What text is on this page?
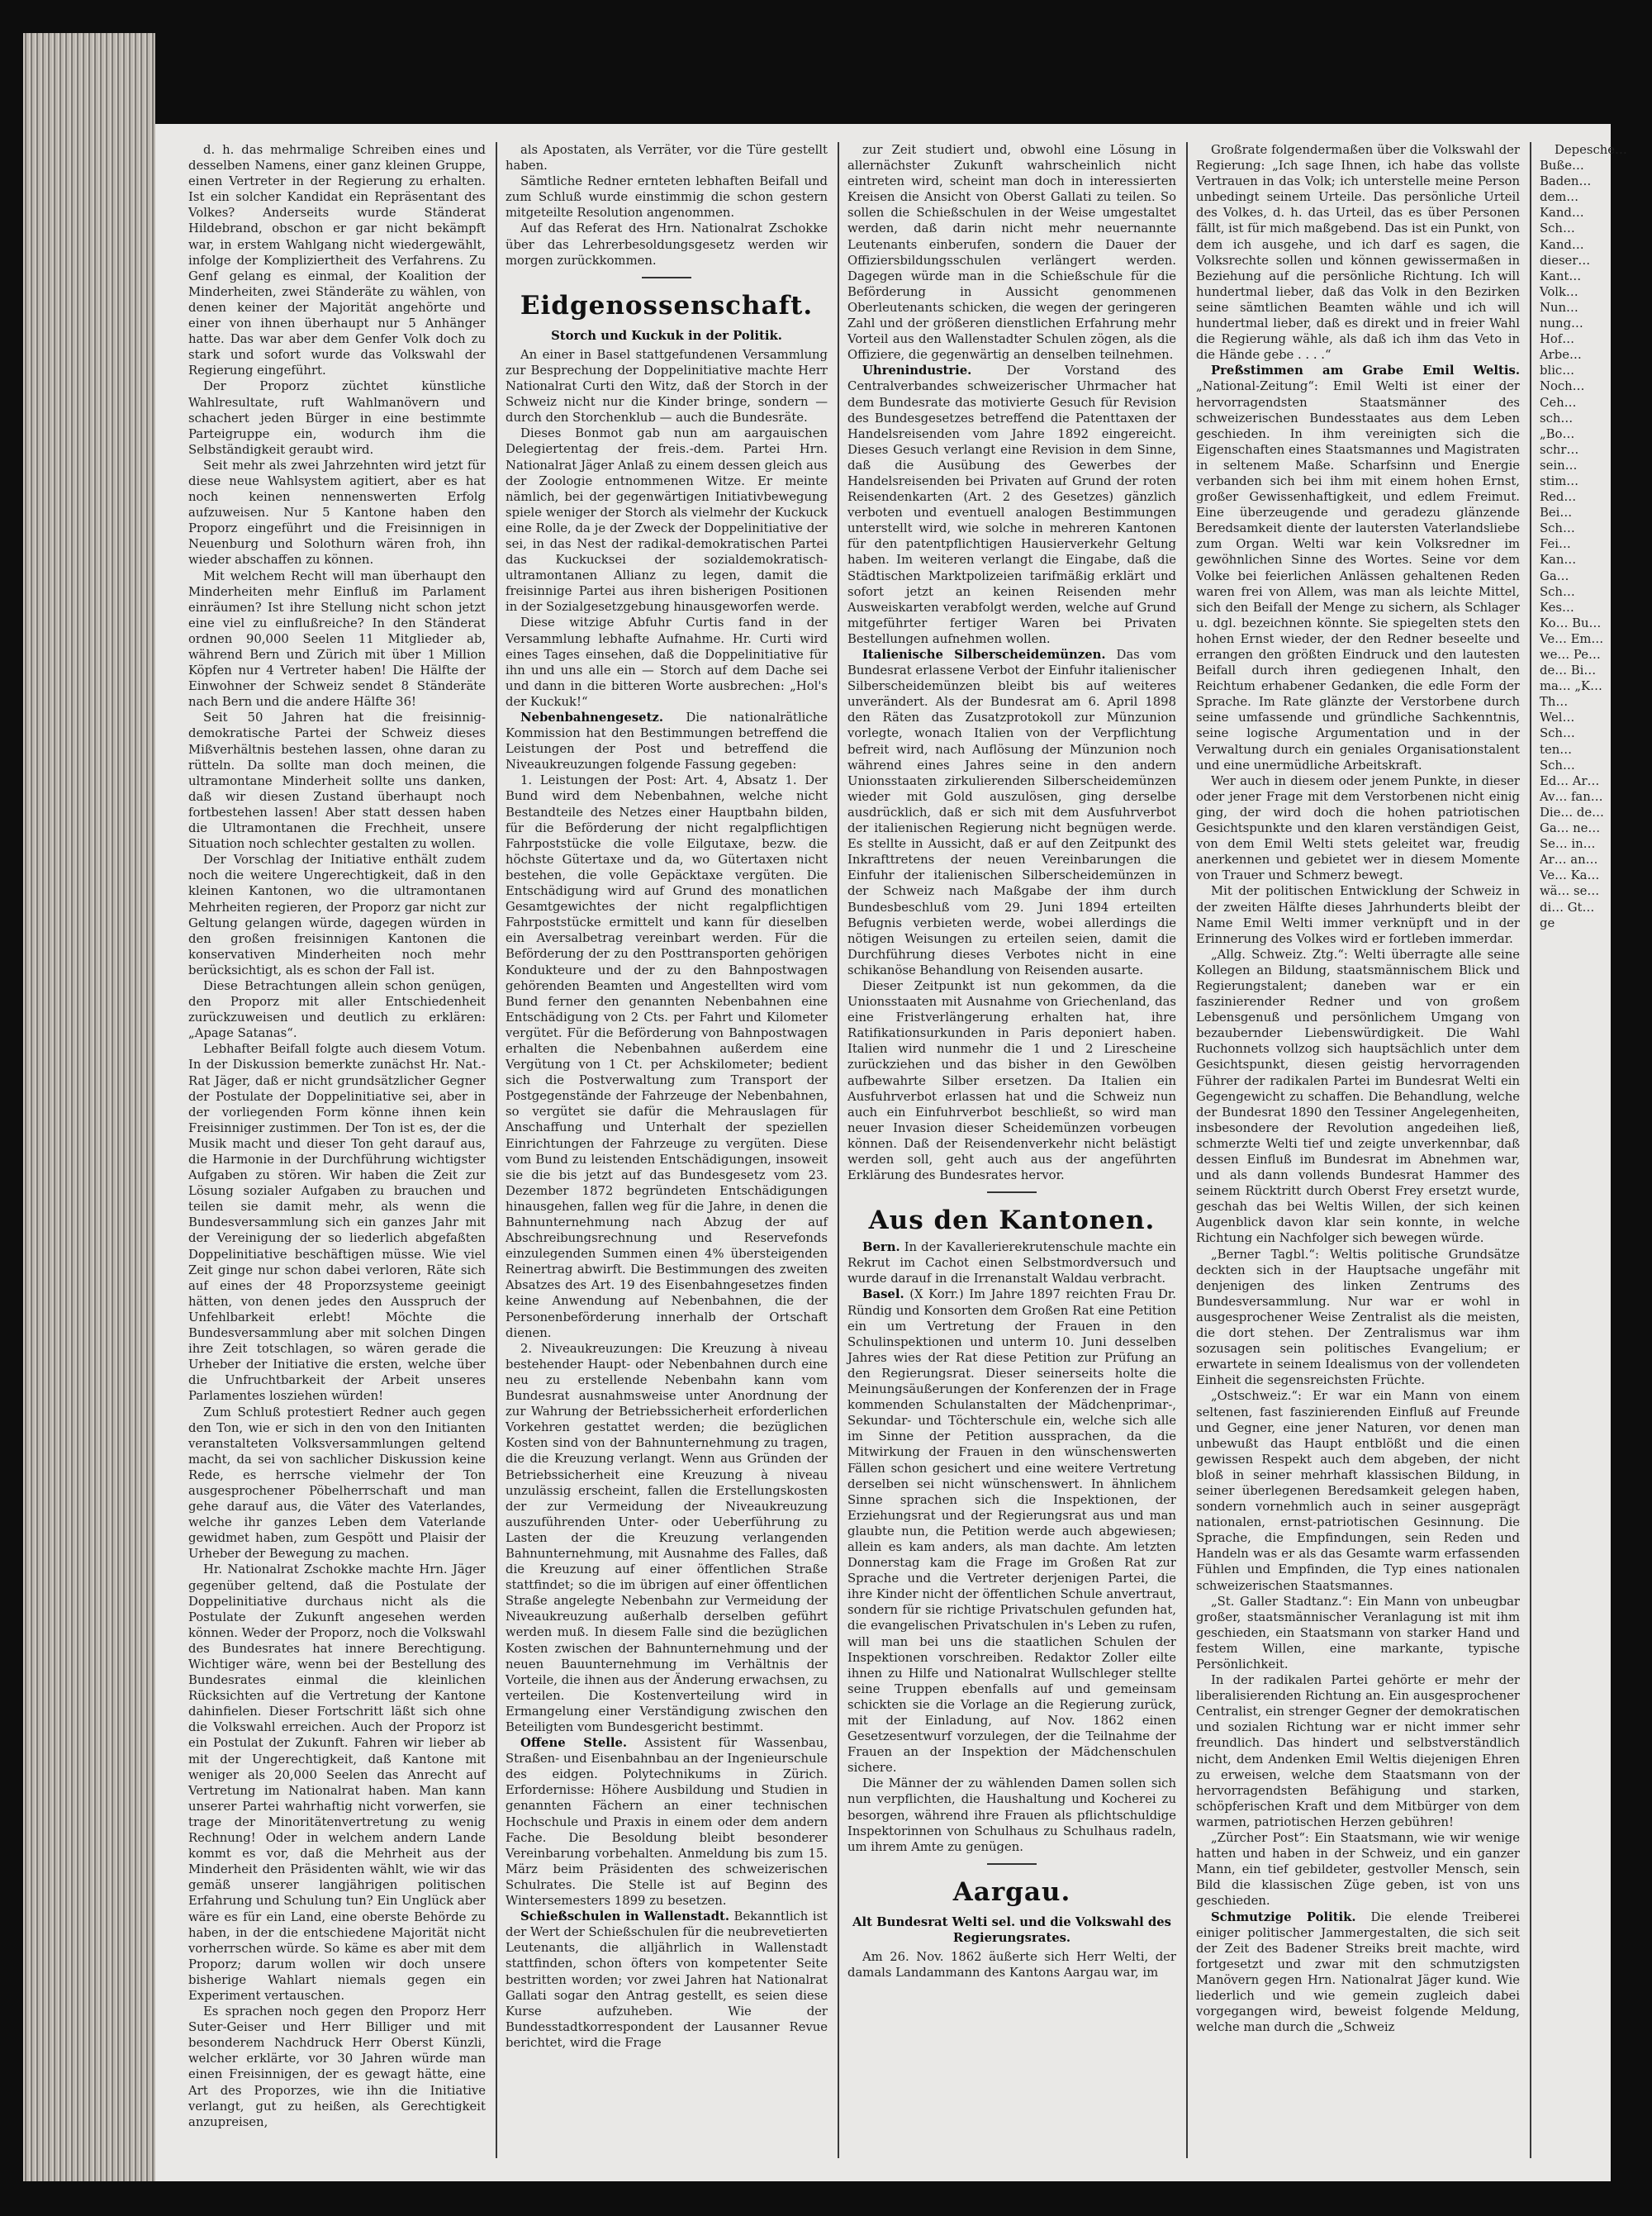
d. h. das mehrmalige Schreiben eines und desselben Namens, einer ganz kleinen Gruppe, einen Vertreter in der Regierung zu erhalten. Ist ein solcher Kandidat ein Repräsentant des Volkes? Anderseits wurde Ständerat Hildebrand, obschon er gar nicht bekämpft war, in erstem Wahlgang nicht wiedergewählt, infolge der Kompliziertheit des Verfahrens. Zu Genf gelang es einmal, der Koalition der Minderheiten, zwei Ständeräte zu wählen, von denen keiner der Majorität angehörte und einer von ihnen überhaupt nur 5 Anhänger hatte. Das war aber dem Genfer Volk doch zu stark und sofort wurde das Volkswahl der Regierung eingeführt.

Der Proporz züchtet künstliche Wahlresultate, ruft Wahlmanövern und schachert jeden Bürger in eine bestimmte Parteigruppe ein, wodurch ihm die Selbständigkeit geraubt wird.

Seit mehr als zwei Jahrzehnten wird jetzt für diese neue Wahlsystem agitiert, aber es hat noch keinen nennenswerten Erfolg aufzuweisen. Nur 5 Kantone haben den Proporz eingeführt und die Freisinnigen in Neuenburg und Solothurn wären froh, ihn wieder abschaffen zu können.

Mit welchem Recht will man überhaupt den Minderheiten mehr Einfluß im Parlament einräumen? Ist ihre Stellung nicht schon jetzt eine viel zu einflußreiche? In den Ständerat ordnen 90,000 Seelen 11 Mitglieder ab, während Bern und Zürich mit über 1 Million Köpfen nur 4 Vertreter haben! Die Hälfte der Einwohner der Schweiz sendet 8 Ständeräte nach Bern und die andere Hälfte 36!

Seit 50 Jahren hat die freisinnig-demokratische Partei der Schweiz dieses Mißverhältnis bestehen lassen, ohne daran zu rütteln. Da sollte man doch meinen, die ultramontane Minderheit sollte uns danken, daß wir diesen Zustand überhaupt noch fortbestehen lassen! Aber statt dessen haben die Ultramontanen die Frechheit, unsere Situation noch schlechter gestalten zu wollen.

Der Vorschlag der Initiative enthält zudem noch die weitere Ungerechtigkeit, daß in den kleinen Kantonen, wo die ultramontanen Mehrheiten regieren, der Proporz gar nicht zur Geltung gelangen würde, dagegen würden in den großen freisinnigen Kantonen die konservativen Minderheiten noch mehr berücksichtigt, als es schon der Fall ist.

Diese Betrachtungen allein schon genügen, den Proporz mit aller Entschiedenheit zurückzuweisen und deutlich zu erklären: „Apage Satanas“.

Lebhafter Beifall folgte auch diesem Votum. In der Diskussion bemerkte zunächst Hr. Nat.-Rat Jäger, daß er nicht grundsätzlicher Gegner der Postulate der Doppelinitiative sei, aber in der vorliegenden Form könne ihnen kein Freisinniger zustimmen. Der Ton ist es, der die Musik macht und dieser Ton geht darauf aus, die Harmonie in der Durchführung wichtigster Aufgaben zu stören. Wir haben die Zeit zur Lösung sozialer Aufgaben zu brauchen und teilen sie damit mehr, als wenn die Bundesversammlung sich ein ganzes Jahr mit der Vereinigung der so liederlich abgefaßten Doppelinitiative beschäftigen müsse. Wie viel Zeit ginge nur schon dabei verloren, Räte sich auf eines der 48 Proporzsysteme geeinigt hätten, von denen jedes den Ausspruch der Unfehlbarkeit erlebt! Möchte die Bundesversammlung aber mit solchen Dingen ihre Zeit totschlagen, so wären gerade die Urheber der Initiative die ersten, welche über die Unfruchtbarkeit der Arbeit unseres Parlamentes losziehen würden!

Zum Schluß protestiert Redner auch gegen den Ton, wie er sich in den von den Initianten veranstalteten Volksversammlungen geltend macht, da sei von sachlicher Diskussion keine Rede, es herrsche vielmehr der Ton ausgesprochener Pöbelherrschaft und man gehe darauf aus, die Väter des Vaterlandes, welche ihr ganzes Leben dem Vaterlande gewidmet haben, zum Gespött und Plaisir der Urheber der Bewegung zu machen.

Hr. Nationalrat Zschokke machte Hrn. Jäger gegenüber geltend, daß die Postulate der Doppelinitiative durchaus nicht als die Postulate der Zukunft angesehen werden können. Weder der Proporz, noch die Volkswahl des Bundesrates hat innere Berechtigung. Wichtiger wäre, wenn bei der Bestellung des Bundesrates einmal die kleinlichen Rücksichten auf die Vertretung der Kantone dahinfielen. Dieser Fortschritt läßt sich ohne die Volkswahl erreichen. Auch der Proporz ist ein Postulat der Zukunft. Fahren wir lieber ab mit der Ungerechtigkeit, daß Kantone mit weniger als 20,000 Seelen das Anrecht auf Vertretung im Nationalrat haben. Man kann unserer Partei wahrhaftig nicht vorwerfen, sie trage der Minoritätenvertretung zu wenig Rechnung! Oder in welchem andern Lande kommt es vor, daß die Mehrheit aus der Minderheit den Präsidenten wählt, wie wir das gemäß unserer langjährigen politischen Erfahrung und Schulung tun? Ein Unglück aber wäre es für ein Land, eine oberste Behörde zu haben, in der die entschiedene Majorität nicht vorherrschen würde. So käme es aber mit dem Proporz; darum wollen wir doch unsere bisherige Wahlart niemals gegen ein Experiment vertauschen.

Es sprachen noch gegen den Proporz Herr Suter-Geiser und Herr Billiger und mit besonderem Nachdruck Herr Oberst Künzli, welcher erklärte, vor 30 Jahren würde man einen Freisinnigen, der es gewagt hätte, eine Art des Proporzes, wie ihn die Initiative verlangt, gut zu heißen, als Gerechtigkeit anzupreisen,

als Apostaten, als Verräter, vor die Türe gestellt haben.

Sämtliche Redner ernteten lebhaften Beifall und zum Schluß wurde einstimmig die schon gestern mitgeteilte Resolution angenommen.

Auf das Referat des Hrn. Nationalrat Zschokke über das Lehrerbesoldungsgesetz werden wir morgen zurückkommen.

Eidgenossenschaft.
Storch und Kuckuk in der Politik.

An einer in Basel stattgefundenen Versammlung zur Besprechung der Doppelinitiative machte Herr Nationalrat Curti den Witz, daß der Storch in der Schweiz nicht nur die Kinder bringe, sondern — durch den Storchenklub — auch die Bundesräte.

Dieses Bonmot gab nun am aargauischen Delegiertentag der freis.-dem. Partei Hrn. Nationalrat Jäger Anlaß zu einem dessen gleich aus der Zoologie entnommenen Witze. Er meinte nämlich, bei der gegenwärtigen Initiativbewegung spiele weniger der Storch als vielmehr der Kuckuck eine Rolle, da je der Zweck der Doppelinitiative der sei, in das Nest der radikal-demokratischen Partei das Kuckucksei der sozialdemokratisch-ultramontanen Allianz zu legen, damit die freisinnige Partei aus ihren bisherigen Positionen in der Sozialgesetzgebung hinausgeworfen werde.

Diese witzige Abfuhr Curtis fand in der Versammlung lebhafte Aufnahme. Hr. Curti wird eines Tages einsehen, daß die Doppelinitiative für ihn und uns alle ein — Storch auf dem Dache sei und dann in die bitteren Worte ausbrechen: „Hol's der Kuckuk!“

Nebenbahnengesetz. Die nationalrätliche Kommission hat den Bestimmungen betreffend die Leistungen der Post und betreffend die Niveaukreuzungen folgende Fassung gegeben:

1. Leistungen der Post: Art. 4, Absatz 1. Der Bund wird dem Nebenbahnen, welche nicht Bestandteile des Netzes einer Hauptbahn bilden, für die Beförderung der nicht regalpflichtigen Fahrpoststücke die volle Eilgutaxe, bezw. die höchste Gütertaxe und da, wo Gütertaxen nicht bestehen, die volle Gepäcktaxe vergüten. Die Entschädigung wird auf Grund des monatlichen Gesamtgewichtes der nicht regalpflichtigen Fahrpoststücke ermittelt und kann für dieselben ein Aversalbetrag vereinbart werden. Für die Beförderung der zu den Posttransporten gehörigen Kondukteure und der zu den Bahnpostwagen gehörenden Beamten und Angestellten wird vom Bund ferner den genannten Nebenbahnen eine Entschädigung von 2 Cts. per Fahrt und Kilometer vergütet. Für die Beförderung von Bahnpostwagen erhalten die Nebenbahnen außerdem eine Vergütung von 1 Ct. per Achskilometer; bedient sich die Postverwaltung zum Transport der Postgegenstände der Fahrzeuge der Nebenbahnen, so vergütet sie dafür die Mehrauslagen für Anschaffung und Unterhalt der speziellen Einrichtungen der Fahrzeuge zu vergüten. Diese vom Bund zu leistenden Entschädigungen, insoweit sie die bis jetzt auf das Bundesgesetz vom 23. Dezember 1872 begründeten Entschädigungen hinausgehen, fallen weg für die Jahre, in denen die Bahnunternehmung nach Abzug der auf Abschreibungsrechnung und Reservefonds einzulegenden Summen einen 4% übersteigenden Reinertrag abwirft. Die Bestimmungen des zweiten Absatzes des Art. 19 des Eisenbahngesetzes finden keine Anwendung auf Nebenbahnen, die der Personenbeförderung innerhalb der Ortschaft dienen.

2. Niveaukreuzungen: Die Kreuzung à niveau bestehender Haupt- oder Nebenbahnen durch eine neu zu erstellende Nebenbahn kann vom Bundesrat ausnahmsweise unter Anordnung der zur Wahrung der Betriebssicherheit erforderlichen Vorkehren gestattet werden; die bezüglichen Kosten sind von der Bahnunternehmung zu tragen, die die Kreuzung verlangt. Wenn aus Gründen der Betriebssicherheit eine Kreuzung à niveau unzulässig erscheint, fallen die Erstellungskosten der zur Vermeidung der Niveaukreuzung auszuführenden Unter- oder Ueberführung zu Lasten der die Kreuzung verlangenden Bahnunternehmung, mit Ausnahme des Falles, daß die Kreuzung auf einer öffentlichen Straße stattfindet; so die im übrigen auf einer öffentlichen Straße angelegte Nebenbahn zur Vermeidung der Niveaukreuzung außerhalb derselben geführt werden muß. In diesem Falle sind die bezüglichen Kosten zwischen der Bahnunternehmung und der neuen Bauunternehmung im Verhältnis der Vorteile, die ihnen aus der Änderung erwachsen, zu verteilen. Die Kostenverteilung wird in Ermangelung einer Verständigung zwischen den Beteiligten vom Bundesgericht bestimmt.

Offene Stelle. Assistent für Wassenbau, Straßen- und Eisenbahnbau an der Ingenieurschule des eidgen. Polytechnikums in Zürich. Erfordernisse: Höhere Ausbildung und Studien in genannten Fächern an einer technischen Hochschule und Praxis in einem oder dem andern Fache. Die Besoldung bleibt besonderer Vereinbarung vorbehalten. Anmeldung bis zum 15. März beim Präsidenten des schweizerischen Schulrates. Die Stelle ist auf Beginn des Wintersemesters 1899 zu besetzen.

Schießschulen in Wallenstadt. Bekanntlich ist der Wert der Schießschulen für die neubrevetierten Leutenants, die alljährlich in Wallenstadt stattfinden, schon öfters von kompetenter Seite bestritten worden; vor zwei Jahren hat Nationalrat Gallati sogar den Antrag gestellt, es seien diese Kurse aufzuheben. Wie der Bundesstadtkorrespondent der Lausanner Revue berichtet, wird die Frage

zur Zeit studiert und, obwohl eine Lösung in allernächster Zukunft wahrscheinlich nicht eintreten wird, scheint man doch in interessierten Kreisen die Ansicht von Oberst Gallati zu teilen. So sollen die Schießschulen in der Weise umgestaltet werden, daß darin nicht mehr neuernannte Leutenants einberufen, sondern die Dauer der Offiziersbildungsschulen verlängert werden. Dagegen würde man in die Schießschule für die Beförderung in Aussicht genommenen Oberleutenants schicken, die wegen der geringeren Zahl und der größeren dienstlichen Erfahrung mehr Vorteil aus den Wallenstadter Schulen zögen, als die Offiziere, die gegenwärtig an denselben teilnehmen.

Uhrenindustrie. Der Vorstand des Centralverbandes schweizerischer Uhrmacher hat dem Bundesrate das motivierte Gesuch für Revision des Bundesgesetzes betreffend die Patenttaxen der Handelsreisenden vom Jahre 1892 eingereicht. Dieses Gesuch verlangt eine Revision in dem Sinne, daß die Ausübung des Gewerbes der Handelsreisenden bei Privaten auf Grund der roten Reisendenkarten (Art. 2 des Gesetzes) gänzlich verboten und eventuell analogen Bestimmungen unterstellt wird, wie solche in mehreren Kantonen für den patentpflichtigen Hausierverkehr Geltung haben. Im weiteren verlangt die Eingabe, daß die Städtischen Marktpolizeien tarifmäßig erklärt und sofort jetzt an keinen Reisenden mehr Ausweiskarten verabfolgt werden, welche auf Grund mitgeführter fertiger Waren bei Privaten Bestellungen aufnehmen wollen.

Italienische Silberscheidemünzen. Das vom Bundesrat erlassene Verbot der Einfuhr italienischer Silberscheidemünzen bleibt bis auf weiteres unverändert. Als der Bundesrat am 6. April 1898 den Räten das Zusatzprotokoll zur Münzunion vorlegte, wonach Italien von der Verpflichtung befreit wird, nach Auflösung der Münzunion noch während eines Jahres seine in den andern Unionsstaaten zirkulierenden Silberscheidemünzen wieder mit Gold auszulösen, ging derselbe ausdrücklich, daß er sich mit dem Ausfuhrverbot der italienischen Regierung nicht begnügen werde. Es stellte in Aussicht, daß er auf den Zeitpunkt des Inkrafttretens der neuen Vereinbarungen die Einfuhr der italienischen Silberscheidemünzen in der Schweiz nach Maßgabe der ihm durch Bundesbeschluß vom 29. Juni 1894 erteilten Befugnis verbieten werde, wobei allerdings die nötigen Weisungen zu erteilen seien, damit die Durchführung dieses Verbotes nicht in eine schikanöse Behandlung von Reisenden ausarte.

Dieser Zeitpunkt ist nun gekommen, da die Unionsstaaten mit Ausnahme von Griechenland, das eine Fristverlängerung erhalten hat, ihre Ratifikationsurkunden in Paris deponiert haben. Italien wird nunmehr die 1 und 2 Lirescheine zurückziehen und das bisher in den Gewölben aufbewahrte Silber ersetzen. Da Italien ein Ausfuhrverbot erlassen hat und die Schweiz nun auch ein Einfuhrverbot beschließt, so wird man neuer Invasion dieser Scheidemünzen vorbeugen können. Daß der Reisendenverkehr nicht belästigt werden soll, geht auch aus der angeführten Erklärung des Bundesrates hervor.

Aus den Kantonen.

Bern. In der Kavallerierekrutenschule machte ein Rekrut im Cachot einen Selbstmordversuch und wurde darauf in die Irrenanstalt Waldau verbracht.

Basel. (X Korr.) Im Jahre 1897 reichten Frau Dr. Ründig und Konsorten dem Großen Rat eine Petition ein um Vertretung der Frauen in den Schulinspektionen und unterm 10. Juni desselben Jahres wies der Rat diese Petition zur Prüfung an den Regierungsrat. Dieser seinerseits holte die Meinungsäußerungen der Konferenzen der in Frage kommenden Schulanstalten der Mädchenprimar-, Sekundar- und Töchterschule ein, welche sich alle im Sinne der Petition aussprachen, da die Mitwirkung der Frauen in den wünschenswerten Fällen schon gesichert und eine weitere Vertretung derselben sei nicht wünschenswert. In ähnlichem Sinne sprachen sich die Inspektionen, der Erziehungsrat und der Regierungsrat aus und man glaubte nun, die Petition werde auch abgewiesen; allein es kam anders, als man dachte. Am letzten Donnerstag kam die Frage im Großen Rat zur Sprache und die Vertreter derjenigen Partei, die ihre Kinder nicht der öffentlichen Schule anvertraut, sondern für sie richtige Privatschulen gefunden hat, die evangelischen Privatschulen in's Leben zu rufen, will man bei uns die staatlichen Schulen der Inspektionen vorschreiben. Redaktor Zoller eilte ihnen zu Hilfe und Nationalrat Wullschleger stellte seine Truppen ebenfalls auf und gemeinsam schickten sie die Vorlage an die Regierung zurück, mit der Einladung, auf Nov. 1862 einen Gesetzesentwurf vorzulegen, der die Teilnahme der Frauen an der Inspektion der Mädchenschulen sichere.

Die Männer der zu wählenden Damen sollen sich nun verpflichten, die Haushaltung und Kocherei zu besorgen, während ihre Frauen als pflichtschuldige Inspektorinnen von Schulhaus zu Schulhaus radeln, um ihrem Amte zu genügen.

Aargau.
Alt Bundesrat Welti sel. und die Volkswahl des Regierungsrates.

Am 26. Nov. 1862 äußerte sich Herr Welti, der damals Landammann des Kantons Aargau war, im

Großrate folgendermaßen über die Volkswahl der Regierung: „Ich sage Ihnen, ich habe das vollste Vertrauen in das Volk; ich unterstelle meine Person unbedingt seinem Urteile. Das persönliche Urteil des Volkes, d. h. das Urteil, das es über Personen fällt, ist für mich maßgebend. Das ist ein Punkt, von dem ich ausgehe, und ich darf es sagen, die Volksrechte sollen und können gewissermaßen in Beziehung auf die persönliche Richtung. Ich will hundertmal lieber, daß das Volk in den Bezirken seine sämtlichen Beamten wähle und ich will hundertmal lieber, daß es direkt und in freier Wahl die Regierung wähle, als daß ich ihm das Veto in die Hände gebe . . . .“

Preßstimmen am Grabe Emil Weltis. „National-Zeitung“: Emil Welti ist einer der hervorragendsten Staatsmänner des schweizerischen Bundesstaates aus dem Leben geschieden. In ihm vereinigten sich die Eigenschaften eines Staatsmannes und Magistraten in seltenem Maße. Scharfsinn und Energie verbanden sich bei ihm mit einem hohen Ernst, großer Gewissenhaftigkeit, und edlem Freimut. Eine überzeugende und geradezu glänzende Beredsamkeit diente der lautersten Vaterlandsliebe zum Organ. Welti war kein Volksredner im gewöhnlichen Sinne des Wortes. Seine vor dem Volke bei feierlichen Anlässen gehaltenen Reden waren frei von Allem, was man als leichte Mittel, sich den Beifall der Menge zu sichern, als Schlager u. dgl. bezeichnen könnte. Sie spiegelten stets den hohen Ernst wieder, der den Redner beseelte und errangen den größten Eindruck und den lautesten Beifall durch ihren gediegenen Inhalt, den Reichtum erhabener Gedanken, die edle Form der Sprache. Im Rate glänzte der Verstorbene durch seine umfassende und gründliche Sachkenntnis, seine logische Argumentation und in der Verwaltung durch ein geniales Organisationstalent und eine unermüdliche Arbeitskraft.

Wer auch in diesem oder jenem Punkte, in dieser oder jener Frage mit dem Verstorbenen nicht einig ging, der wird doch die hohen patriotischen Gesichtspunkte und den klaren verständigen Geist, von dem Emil Welti stets geleitet war, freudig anerkennen und gebietet wer in diesem Momente von Trauer und Schmerz bewegt.

Mit der politischen Entwicklung der Schweiz in der zweiten Hälfte dieses Jahrhunderts bleibt der Name Emil Welti immer verknüpft und in der Erinnerung des Volkes wird er fortleben immerdar.

„Allg. Schweiz. Ztg.“: Welti überragte alle seine Kollegen an Bildung, staatsmännischem Blick und Regierungstalent; daneben war er ein faszinierender Redner und von großem Lebensgenuß und persönlichem Umgang von bezaubernder Liebenswürdigkeit. Die Wahl Ruchonnets vollzog sich hauptsächlich unter dem Gesichtspunkt, diesen geistig hervorragenden Führer der radikalen Partei im Bundesrat Welti ein Gegengewicht zu schaffen. Die Behandlung, welche der Bundesrat 1890 den Tessiner Angelegenheiten, insbesondere der Revolution angedeihen ließ, schmerzte Welti tief und zeigte unverkennbar, daß dessen Einfluß im Bundesrat im Abnehmen war, und als dann vollends Bundesrat Hammer des seinem Rücktritt durch Oberst Frey ersetzt wurde, geschah das bei Weltis Willen, der sich keinen Augenblick davon klar sein konnte, in welche Richtung ein Nachfolger sich bewegen würde.

„Berner Tagbl.“: Weltis politische Grundsätze deckten sich in der Hauptsache ungefähr mit denjenigen des linken Zentrums des Bundesversammlung. Nur war er wohl in ausgesprochener Weise Zentralist als die meisten, die dort stehen. Der Zentralismus war ihm sozusagen sein politisches Evangelium; er erwartete in seinem Idealismus von der vollendeten Einheit die segensreichsten Früchte.

„Ostschweiz.“: Er war ein Mann von einem seltenen, fast faszinierenden Einfluß auf Freunde und Gegner, eine jener Naturen, vor denen man unbewußt das Haupt entblößt und die einen gewissen Respekt auch dem abgeben, der nicht bloß in seiner mehrhaft klassischen Bildung, in seiner überlegenen Beredsamkeit gelegen haben, sondern vornehmlich auch in seiner ausgeprägt nationalen, ernst-patriotischen Gesinnung. Die Sprache, die Empfindungen, sein Reden und Handeln was er als das Gesamte warm erfassenden Fühlen und Empfinden, die Typ eines nationalen schweizerischen Staatsmannes.

„St. Galler Stadtanz.“: Ein Mann von unbeugbar großer, staatsmännischer Veranlagung ist mit ihm geschieden, ein Staatsmann von starker Hand und festem Willen, eine markante, typische Persönlichkeit.

In der radikalen Partei gehörte er mehr der liberalisierenden Richtung an. Ein ausgesprochener Centralist, ein strenger Gegner der demokratischen und sozialen Richtung war er nicht immer sehr freundlich. Das hindert und selbstverständlich nicht, dem Andenken Emil Weltis diejenigen Ehren zu erweisen, welche dem Staatsmann von der hervorragendsten Befähigung und starken, schöpferischen Kraft und dem Mitbürger von dem warmen, patriotischen Herzen gebühren!

„Zürcher Post“: Ein Staatsmann, wie wir wenige hatten und haben in der Schweiz, und ein ganzer Mann, ein tief gebildeter, gestvoller Mensch, sein Bild die klassischen Züge geben, ist von uns geschieden.

Schmutzige Politik. Die elende Treiberei einiger politischer Jammergestalten, die sich seit der Zeit des Badener Streiks breit machte, wird fortgesetzt und zwar mit den schmutzigsten Manövern gegen Hrn. Nationalrat Jäger kund. Wie liederlich und wie gemein zugleich dabei vorgegangen wird, beweist folgende Meldung, welche man durch die „Schweiz

Depesche… Buße… Baden… dem… Kand… Sch… Kand… dieser… Kant… Volk… Nun… nung… Hof… Arbe… blic… Noch… Ceh… sch… „Bo… schr… sein… stim… Red… Bei… Sch… Fei… Kan… Ga… Sch… Kes… Ko… Bu… Ve… Em… we… Pe… de… Bi… ma… „K… Th… Wel… Sch… ten… Sch… Ed… Ar… Av… fan… Die… de… Ga… ne… Se… in… Ar… an… Ve… Ka… wä… se… di… Gt… ge
